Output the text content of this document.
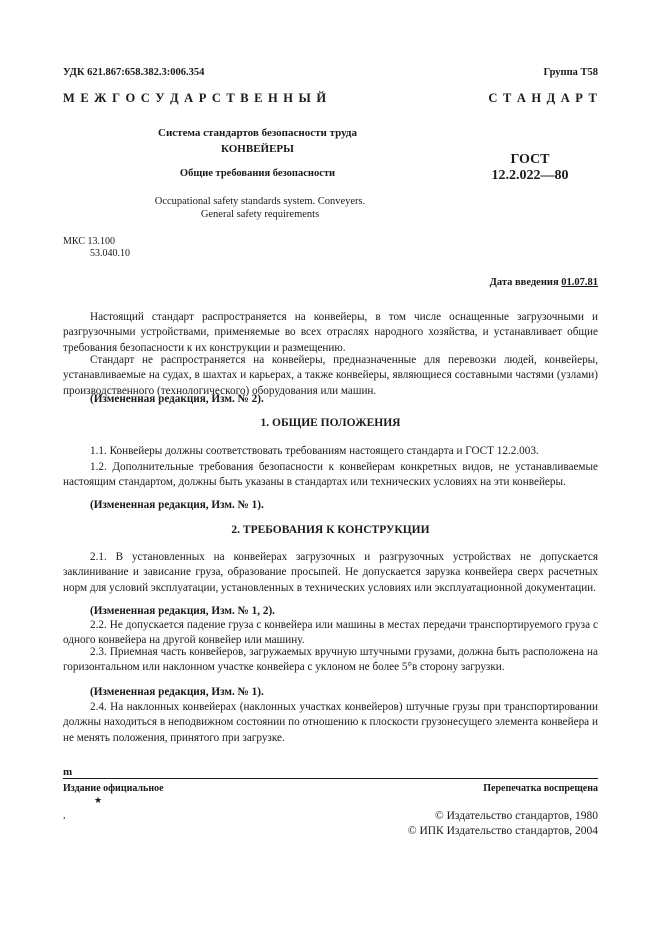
УДК 621.867:658.382.3:006.354	Группа Т58
М Е Ж Г О С У Д А Р С Т В Е Н Н Ы Й	С Т А Н Д А Р Т
Система стандартов безопасности труда
КОНВЕЙЕРЫ
Общие требования безопасности
Occupational safety standards system. Conveyers.
General safety requirements
ГОСТ
12.2.022—80
МКС 13.100
53.040.10
Дата введения 01.07.81

Настоящий стандарт распространяется на конвейеры, в том числе оснащенные загрузочными и разгрузочными устройствами, применяемые во всех отраслях народного хозяйства, и устанавливает общие требования безопасности к их конструкции и размещению.

Стандарт не распространяется на конвейеры, предназначенные для перевозки людей, конвейеры, устанавливаемые на судах, в шахтах и карьерах, а также конвейеры, являющиеся составными частями (узлами) производственного (технологического) оборудования или машин.

(Измененная редакция, Изм. № 2).

1. ОБЩИЕ ПОЛОЖЕНИЯ

1.1. Конвейеры должны соответствовать требованиям настоящего стандарта и ГОСТ 12.2.003.

1.2. Дополнительные требования безопасности к конвейерам конкретных видов, не устанавливаемые настоящим стандартом, должны быть указаны в стандартах или технических условиях на эти конвейеры.

(Измененная редакция, Изм. № 1).

2. ТРЕБОВАНИЯ К КОНСТРУКЦИИ

2.1. В установленных на конвейерах загрузочных и разгрузочных устройствах не допускается заклинивание и зависание груза, образование просыпей. Не допускается зарузка конвейера сверх расчетных норм для условий эксплуатации, установленных в технических условиях или эксплуатационной документации.

(Измененная редакция, Изм. № 1, 2).

2.2. Не допускается падение груза с конвейера или машины в местах передачи транспортируемого груза с одного конвейера на другой конвейер или машину.

2.3. Приемная часть конвейеров, загружаемых вручную штучными грузами, должна быть расположена на горизонтальном или наклонном участке конвейера с уклоном не более 5°в сторону загрузки.

(Измененная редакция, Изм. № 1).

2.4. На наклонных конвейерах (наклонных участках конвейеров) штучные грузы при транспортировании должны находиться в неподвижном состоянии по отношению к плоскости грузонесущего элемента конвейера и не менять положения, принятого при загрузке.

m
Издание официальное
★
Перепечатка воспрещена
,	© Издательство стандартов, 1980
© ИПК Издательство стандартов, 2004
